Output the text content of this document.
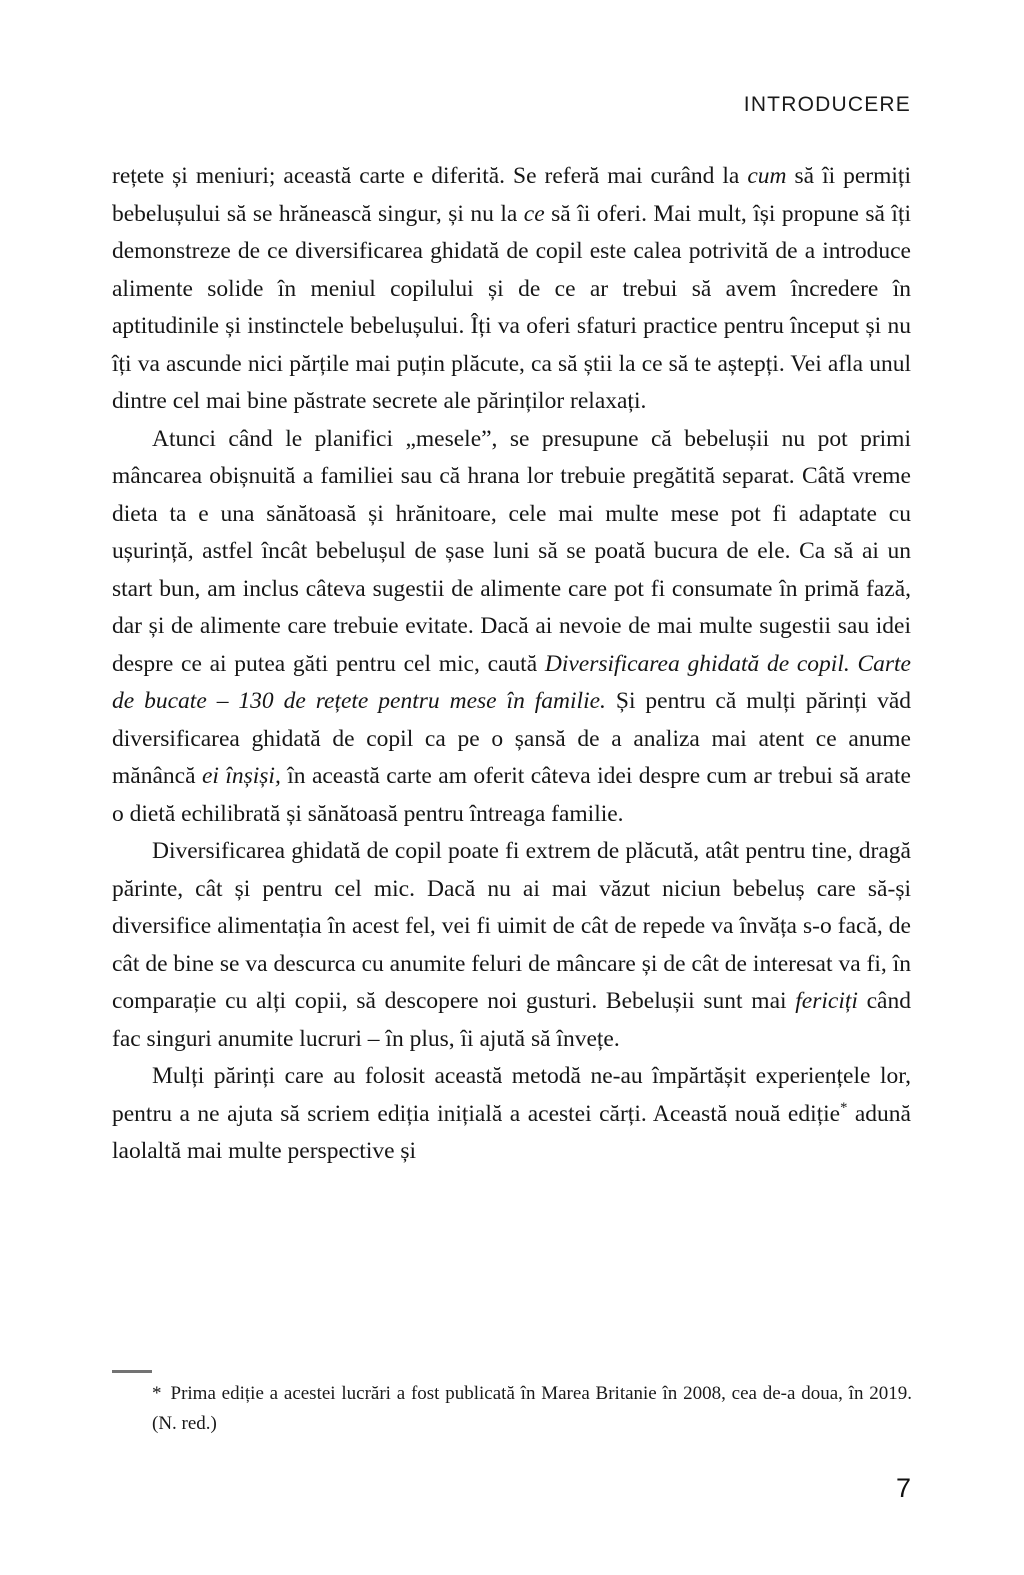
INTRODUCERE

rețete și meniuri; această carte e diferită. Se referă mai curând la cum să îi permiți bebelușului să se hrănească singur, și nu la ce să îi oferi. Mai mult, își propune să îți demonstreze de ce diversificarea ghidată de copil este calea potrivită de a introduce alimente solide în meniul copilului și de ce ar trebui să avem încredere în aptitudinile și instinctele bebelușului. Îți va oferi sfaturi practice pentru început și nu îți va ascunde nici părțile mai puțin plăcute, ca să știi la ce să te aștepți. Vei afla unul dintre cel mai bine păstrate secrete ale părinților relaxați.

Atunci când le planifici „mesele”, se presupune că bebelușii nu pot primi mâncarea obișnuită a familiei sau că hrana lor trebuie pregătită separat. Câtă vreme dieta ta e una sănătoasă și hrănitoare, cele mai multe mese pot fi adaptate cu ușurință, astfel încât bebelușul de șase luni să se poată bucura de ele. Ca să ai un start bun, am inclus câteva sugestii de alimente care pot fi consumate în primă fază, dar și de alimente care trebuie evitate. Dacă ai nevoie de mai multe sugestii sau idei despre ce ai putea găti pentru cel mic, caută Diversificarea ghidată de copil. Carte de bucate – 130 de rețete pentru mese în familie. Și pentru că mulți părinți văd diversificarea ghidată de copil ca pe o șansă de a analiza mai atent ce anume mănâncă ei înșiși, în această carte am oferit câteva idei despre cum ar trebui să arate o dietă echilibrată și sănătoasă pentru întreaga familie.

Diversificarea ghidată de copil poate fi extrem de plăcută, atât pentru tine, dragă părinte, cât și pentru cel mic. Dacă nu ai mai văzut niciun bebeluș care să-și diversifice alimentația în acest fel, vei fi uimit de cât de repede va învăța s-o facă, de cât de bine se va descurca cu anumite feluri de mâncare și de cât de interesat va fi, în comparație cu alți copii, să descopere noi gusturi. Bebelușii sunt mai fericiți când fac singuri anumite lucruri – în plus, îi ajută să învețe.

Mulți părinți care au folosit această metodă ne-au împărtășit experiențele lor, pentru a ne ajuta să scriem ediția inițială a acestei cărți. Această nouă ediție* adună laolaltă mai multe perspective și

* Prima ediție a acestei lucrări a fost publicată în Marea Britanie în 2008, cea de-a doua, în 2019. (N. red.)
7
